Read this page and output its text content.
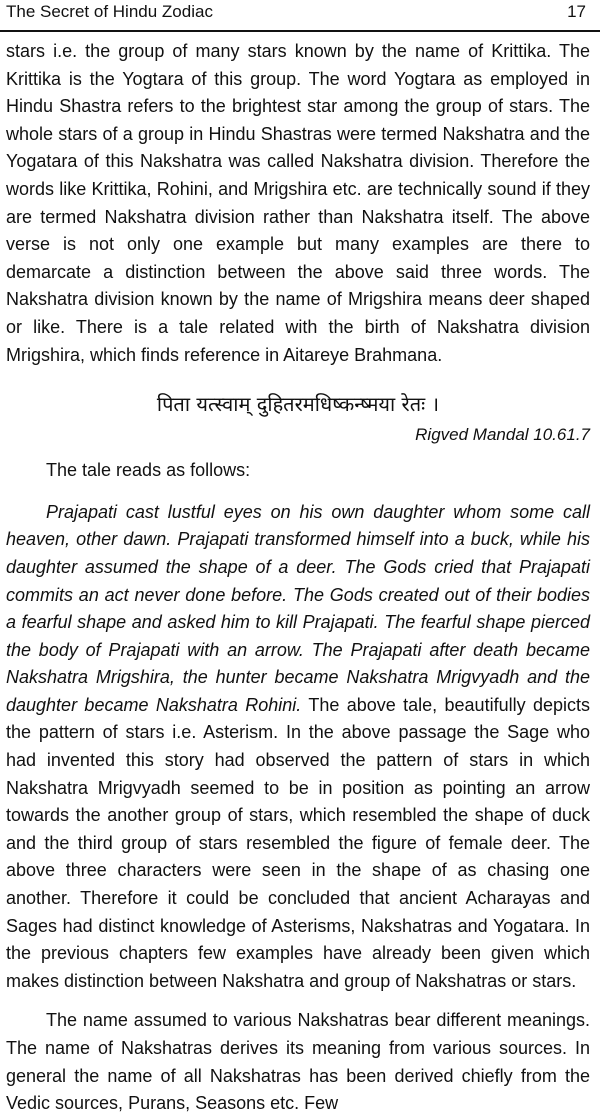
The Secret of Hindu Zodiac	17

stars i.e. the group of many stars known by the name of Krittika. The Krittika is the Yogtara of this group. The word Yogtara as employed in Hindu Shastra refers to the brightest star among the group of stars. The whole stars of a group in Hindu Shastras were termed Nakshatra and the Yogatara of this Nakshatra was called Nakshatra division. Therefore the words like Krittika, Rohini, and Mrigshira etc. are technically sound if they are termed Nakshatra division rather than Nakshatra itself. The above verse is not only one example but many examples are there to demarcate a distinction between the above said three words. The Nakshatra division known by the name of Mrigshira means deer shaped or like. There is a tale related with the birth of Nakshatra division Mrigshira, which finds reference in Aitareye Brahmana.

पिता यत्स्वाम् दुहितरमधिष्कन्ष्मया रेतः ।
Rigved Mandal 10.61.7

The tale reads as follows:

Prajapati cast lustful eyes on his own daughter whom some call heaven, other dawn. Prajapati transformed himself into a buck, while his daughter assumed the shape of a deer. The Gods cried that Prajapati commits an act never done before. The Gods created out of their bodies a fearful shape and asked him to kill Prajapati. The fearful shape pierced the body of Prajapati with an arrow. The Prajapati after death became Nakshatra Mrigshira, the hunter became Nakshatra Mrigvyadh and the daughter became Nakshatra Rohini. The above tale, beautifully depicts the pattern of stars i.e. Asterism. In the above passage the Sage who had invented this story had observed the pattern of stars in which Nakshatra Mrigvyadh seemed to be in position as pointing an arrow towards the another group of stars, which resembled the shape of duck and the third group of stars resembled the figure of female deer. The above three characters were seen in the shape of as chasing one another. Therefore it could be concluded that ancient Acharayas and Sages had distinct knowledge of Asterisms, Nakshatras and Yogatara. In the previous chapters few examples have already been given which makes distinction between Nakshatra and group of Nakshatras or stars.

The name assumed to various Nakshatras bear different meanings. The name of Nakshatras derives its meaning from various sources. In general the name of all Nakshatras has been derived chiefly from the Vedic sources, Purans, Seasons etc. Few
